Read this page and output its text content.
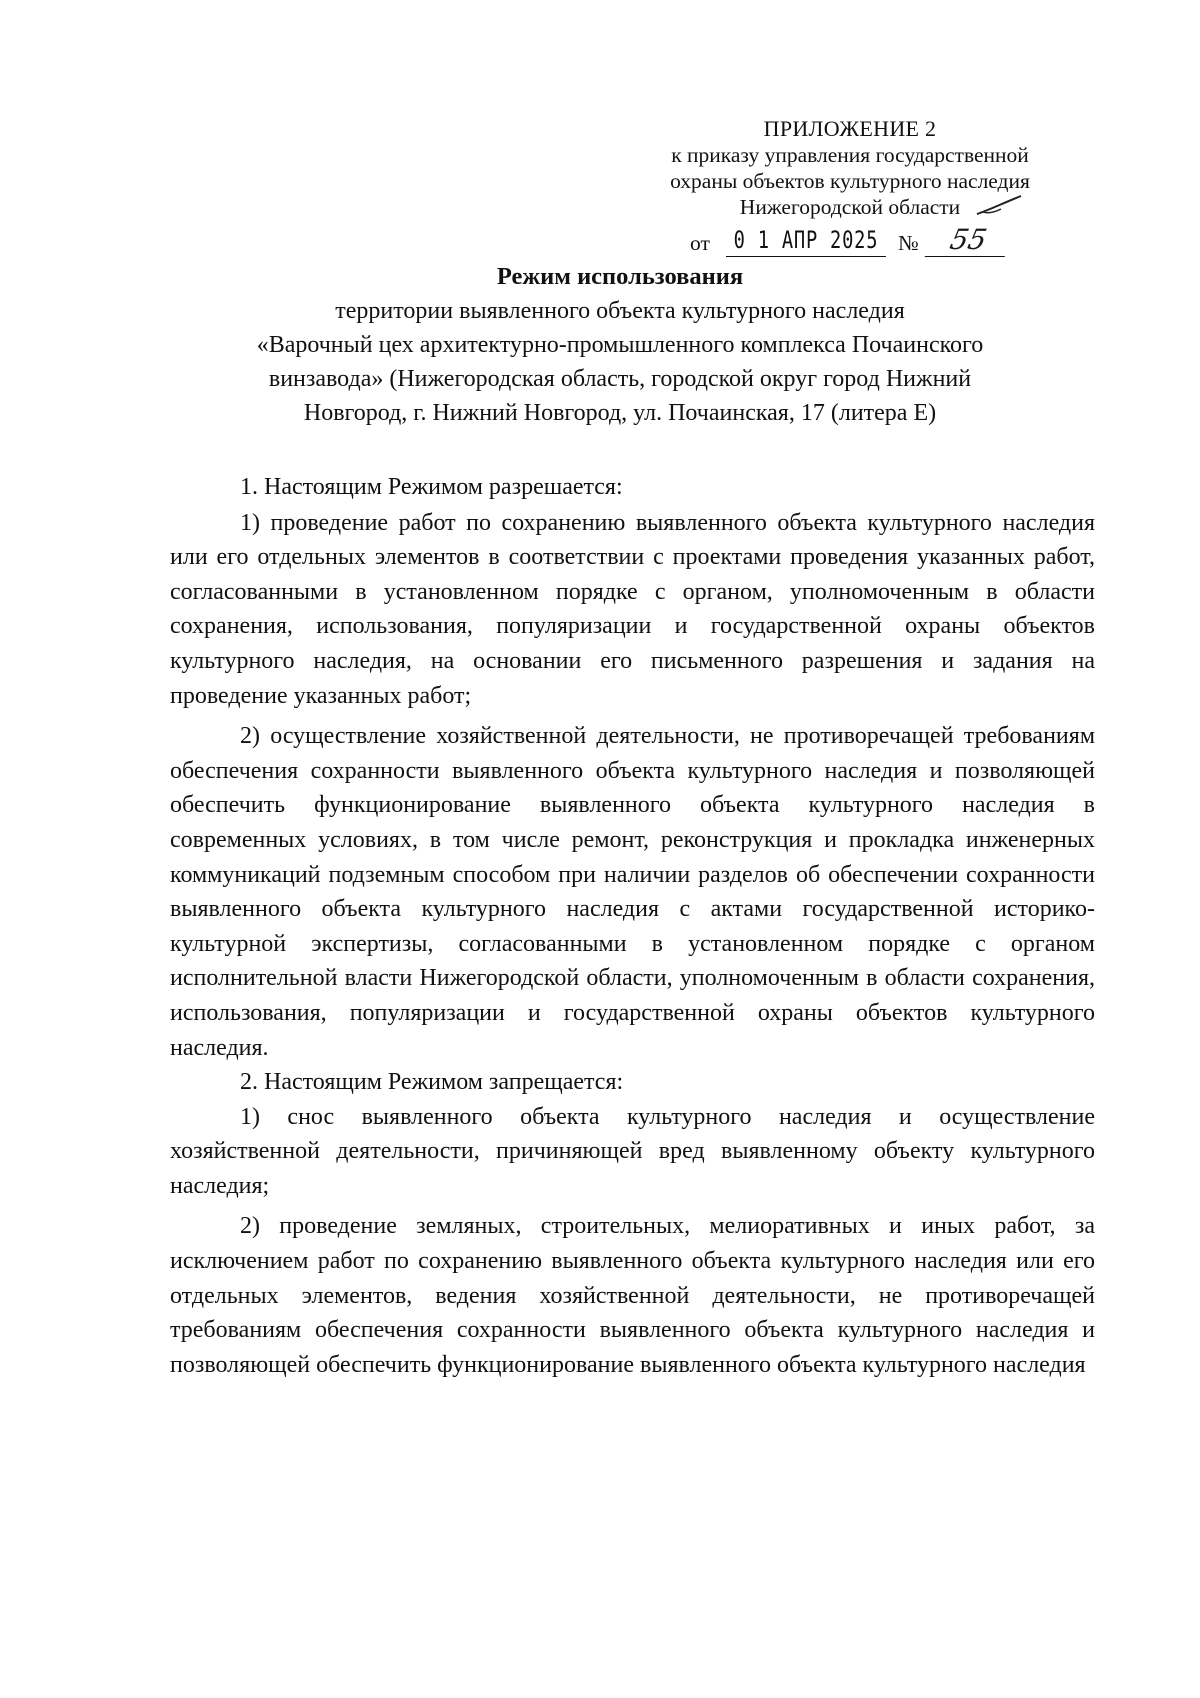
ПРИЛОЖЕНИЕ 2
к приказу управления государственной
охраны объектов культурного наследия
Нижегородской области
от 0 1 АПР 2025 №	55
Режим использования
территории выявленного объекта культурного наследия
«Варочный цех архитектурно-промышленного комплекса Почаинского
винзавода» (Нижегородская область, городской округ город Нижний
Новгород, г. Нижний Новгород, ул. Почаинская, 17 (литера Е)

1. Настоящим Режимом разрешается:

1) проведение работ по сохранению выявленного объекта культурного наследия или его отдельных элементов в соответствии с проектами проведения указанных работ, согласованными в установленном порядке с органом, уполномоченным в области сохранения, использования, популяризации и государственной охраны объектов культурного наследия, на основании его письменного разрешения и задания на проведение указанных работ;

2) осуществление хозяйственной деятельности, не противоречащей требованиям обеспечения сохранности выявленного объекта культурного наследия и позволяющей обеспечить функционирование выявленного объекта культурного наследия в современных условиях, в том числе ремонт, реконструкция и прокладка инженерных коммуникаций подземным способом при наличии разделов об обеспечении сохранности выявленного объекта культурного наследия с актами государственной историко-культурной экспертизы, согласованными в установленном порядке с органом исполнительной власти Нижегородской области, уполномоченным в области сохранения, использования, популяризации и государственной охраны объектов культурного наследия.

2. Настоящим Режимом запрещается:

1) снос выявленного объекта культурного наследия и осуществление хозяйственной деятельности, причиняющей вред выявленному объекту культурного наследия;

2) проведение земляных, строительных, мелиоративных и иных работ, за исключением работ по сохранению выявленного объекта культурного наследия или его отдельных элементов, ведения хозяйственной деятельности, не противоречащей требованиям обеспечения сохранности выявленного объекта культурного наследия и позволяющей обеспечить функционирование выявленного объекта культурного наследия
